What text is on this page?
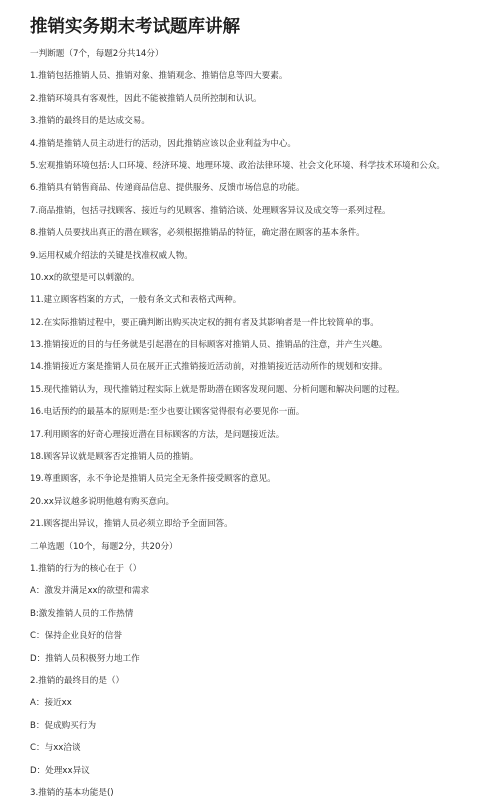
推销实务期末考试题库讲解
一判断题（7个，每题2分共14分）
1.推销包括推销人员、推销对象、推销观念、推销信息等四大要素。
2.推销环境具有客观性，因此不能被推销人员所控制和认识。
3.推销的最终目的是达成交易。
4.推销是推销人员主动进行的活动，因此推销应该以企业利益为中心。
5.宏观推销环境包括:人口环境、经济环境、地理环境、政治法律环境、社会文化环境、科学技术环境和公众。
6.推销具有销售商品、传递商品信息、提供服务、反馈市场信息的功能。
7.商品推销，包括寻找顾客、接近与约见顾客、推销洽谈、处理顾客异议及成交等一系列过程。
8.推销人员要找出真正的潜在顾客，必须根据推销品的特征，确定潜在顾客的基本条件。
9.运用权威介绍法的关键是找准权威人物。
10.xx的欲望是可以刺激的。
11.建立顾客档案的方式，一般有条文式和表格式两种。
12.在实际推销过程中，要正确判断出购买决定权的拥有者及其影响者是一件比较简单的事。
13.推销接近的目的与任务就是引起潜在的目标顾客对推销人员、推销品的注意，并产生兴趣。
14.推销接近方案是推销人员在展开正式推销接近活动前，对推销接近活动所作的规划和安排。
15.现代推销认为，现代推销过程实际上就是帮助潜在顾客发现问题、分析问题和解决问题的过程。
16.电话预约的最基本的原则是:至少也要让顾客觉得很有必要见你一面。
17.利用顾客的好奇心理接近潜在目标顾客的方法，是问题接近法。
18.顾客异议就是顾客否定推销人员的推销。
19.尊重顾客，永不争论是推销人员完全无条件接受顾客的意见。
20.xx异议越多说明他越有购买意向。
21.顾客提出异议，推销人员必须立即给予全面回答。
二单选题（10个，每题2分，共20分）
1.推销的行为的核心在于（）
A：激发并满足xx的欲望和需求
B:激发推销人员的工作热情
C：保持企业良好的信誉
D：推销人员积极努力地工作
2.推销的最终目的是（）
A：接近xx
B：促成购买行为
C：与xx洽谈
D：处理xx异议
3.推销的基本功能是()
